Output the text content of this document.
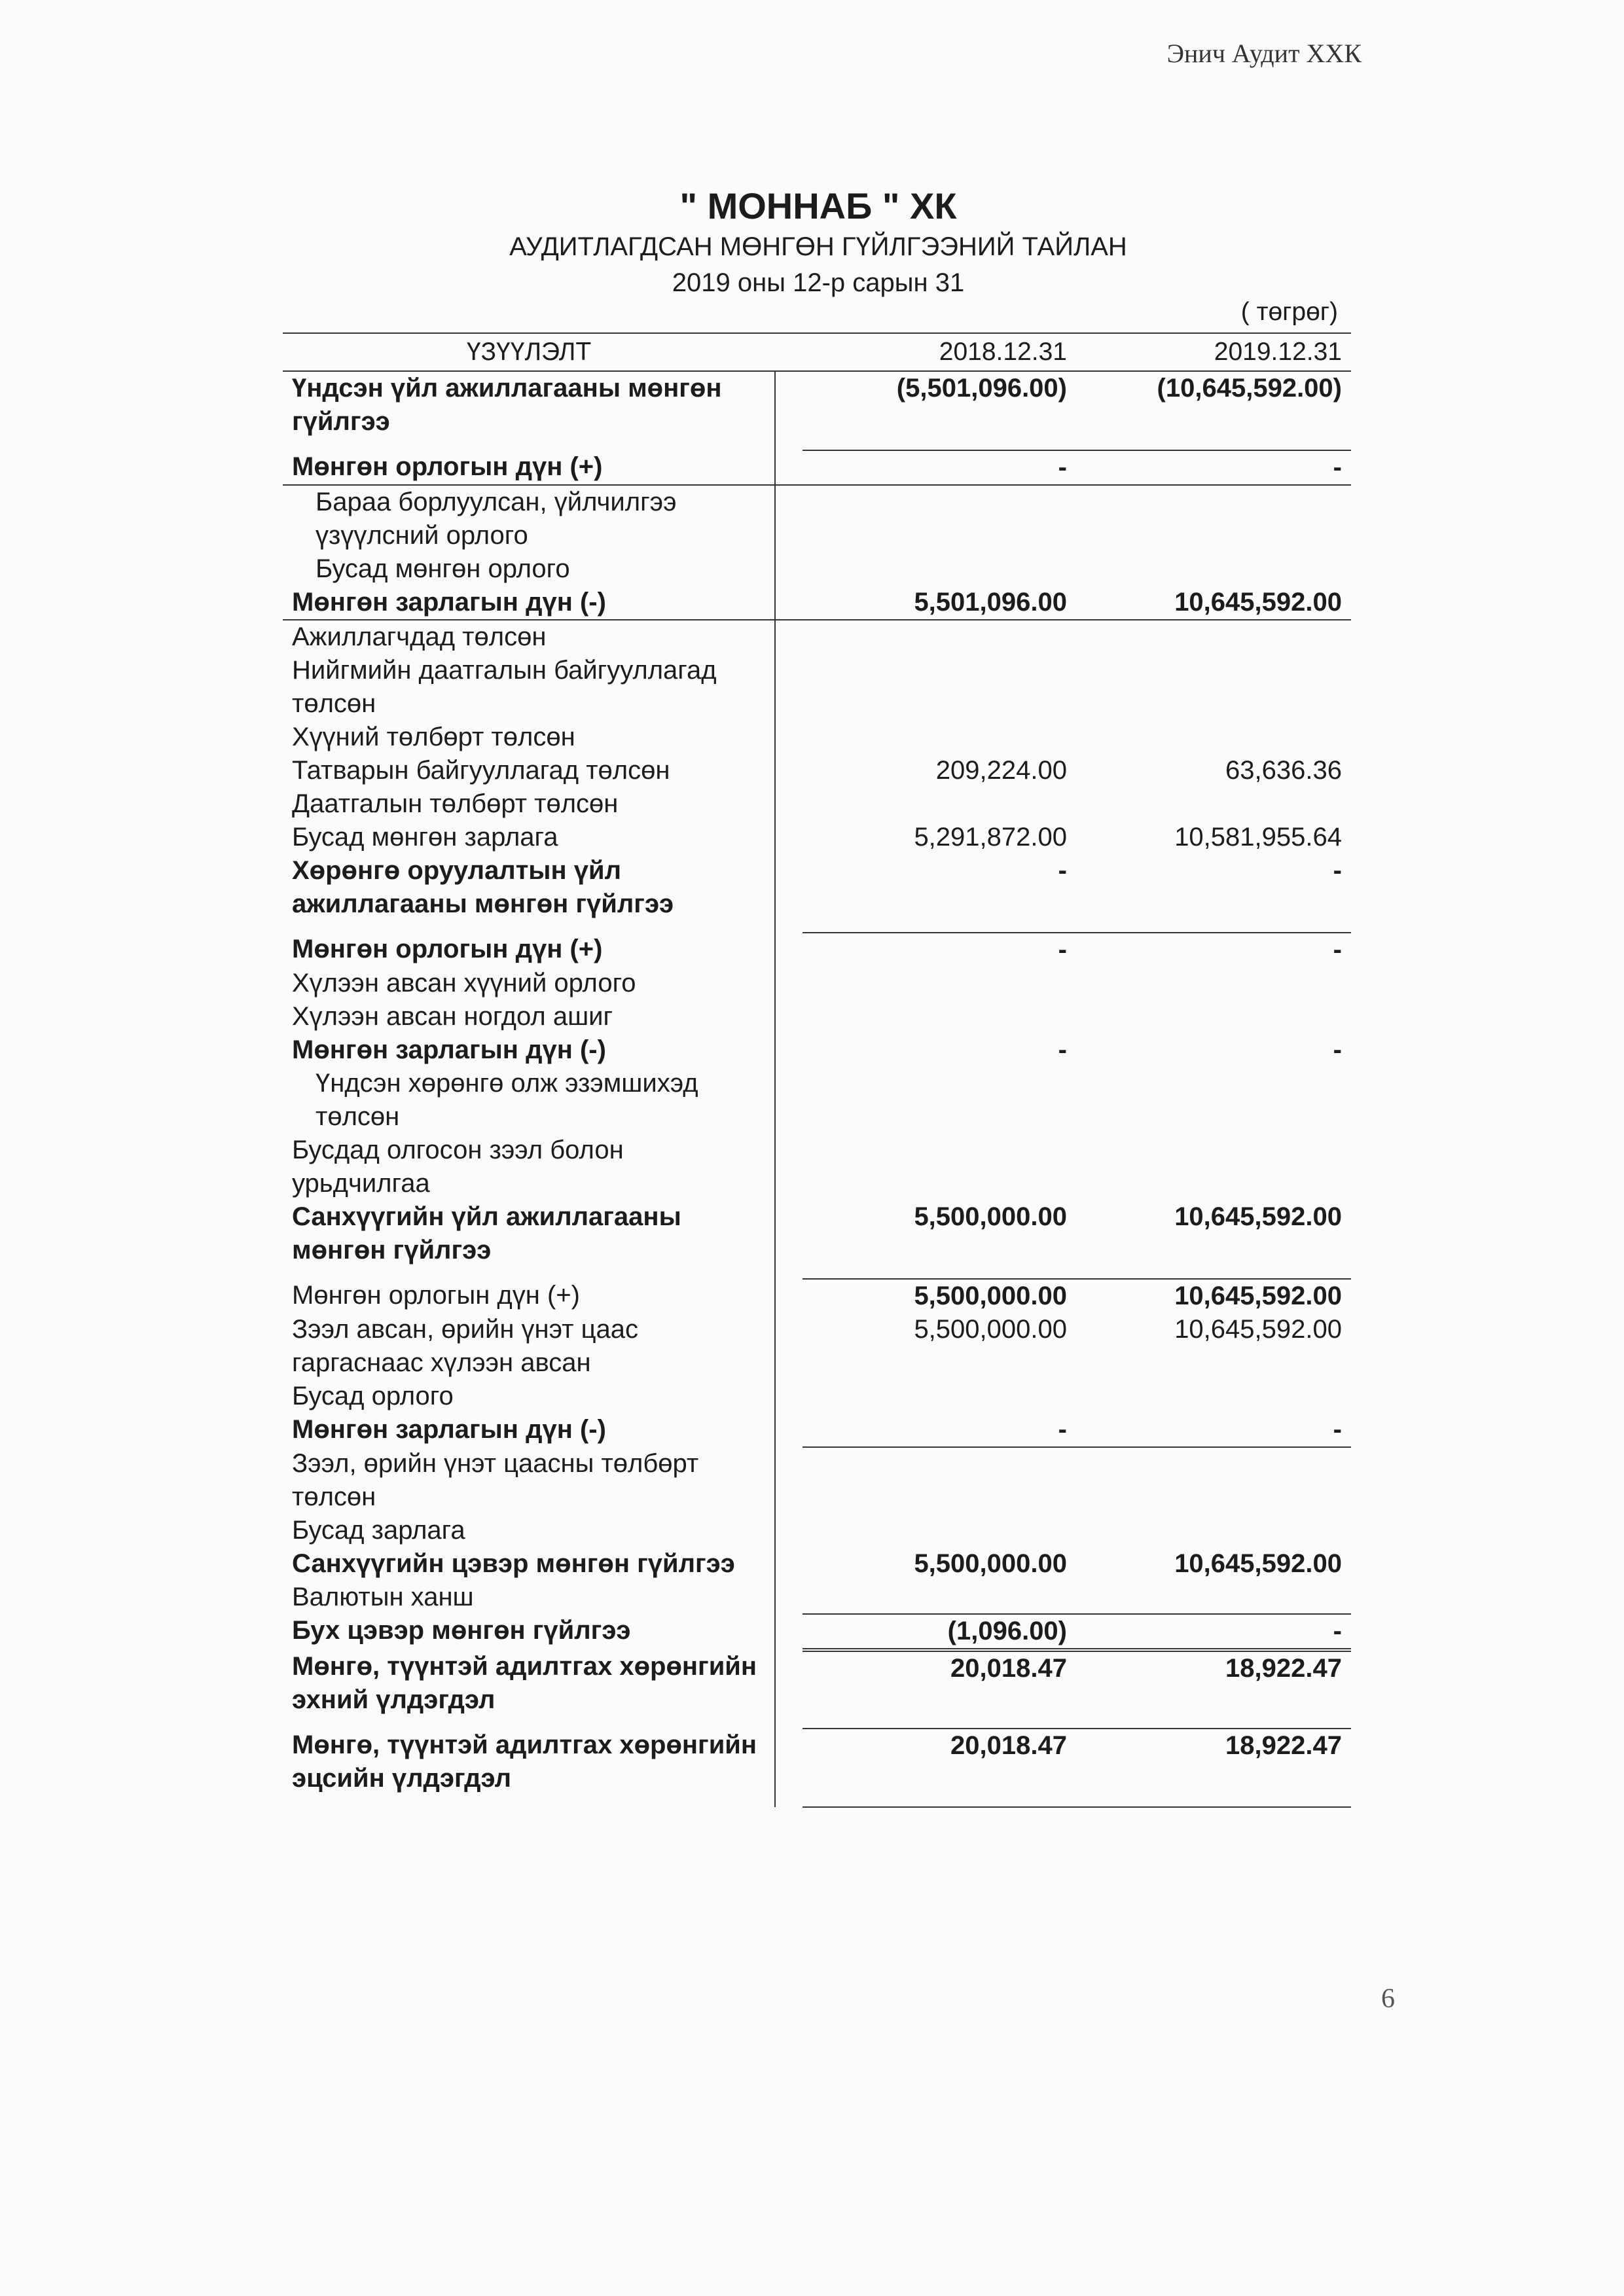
Энич Аудит ХХК
" МОННАБ " ХК
АУДИТЛАГДСАН МӨНГӨН ГҮЙЛГЭЭНИЙ ТАЙЛАН
2019 оны 12-р сарын 31
( төгрөг)
ҮЗҮҮЛЭЛТ		2018.12.31	2019.12.31
Үндсэн үйл ажиллагааны мөнгөн гүйлгээ		(5,501,096.00)	(10,645,592.00)
Мөнгөн орлогын дүн (+)		-	-
Бараа борлуулсан, үйлчилгээ үзүүлсний орлого			
Бусад мөнгөн орлого			
Мөнгөн зарлагын дүн (-)		5,501,096.00	10,645,592.00
Ажиллагчдад төлсөн			
Нийгмийн даатгалын байгууллагад төлсөн			
Хүүний төлбөрт төлсөн			
Татварын байгууллагад төлсөн		209,224.00	63,636.36
Даатгалын төлбөрт төлсөн			
Бусад мөнгөн зарлага		5,291,872.00	10,581,955.64
Хөрөнгө оруулалтын үйл ажиллагааны мөнгөн гүйлгээ		-	-
Мөнгөн орлогын дүн (+)		-	-
Хүлээн авсан хүүний орлого			
Хүлээн авсан ногдол ашиг			
Мөнгөн зарлагын дүн (-)		-	-
Үндсэн хөрөнгө олж эзэмшихэд төлсөн			
Бусдад олгосон зээл болон урьдчилгаа			
Санхүүгийн үйл ажиллагааны мөнгөн гүйлгээ		5,500,000.00	10,645,592.00
Мөнгөн орлогын дүн (+)		5,500,000.00	10,645,592.00
Зээл авсан, өрийн үнэт цаас гаргаснаас хүлээн авсан		5,500,000.00	10,645,592.00
Бусад орлого			
Мөнгөн зарлагын дүн (-)		-	-
Зээл, өрийн үнэт цаасны төлбөрт төлсөн			
Бусад зарлага			
Санхүүгийн цэвэр мөнгөн гүйлгээ		5,500,000.00	10,645,592.00
Валютын ханш			
Бух цэвэр мөнгөн гүйлгээ		(1,096.00)	-
Мөнгө, түүнтэй адилтгах хөрөнгийн эхний үлдэгдэл		20,018.47	18,922.47
Мөнгө, түүнтэй адилтгах хөрөнгийн эцсийн үлдэгдэл		20,018.47	18,922.47
6
